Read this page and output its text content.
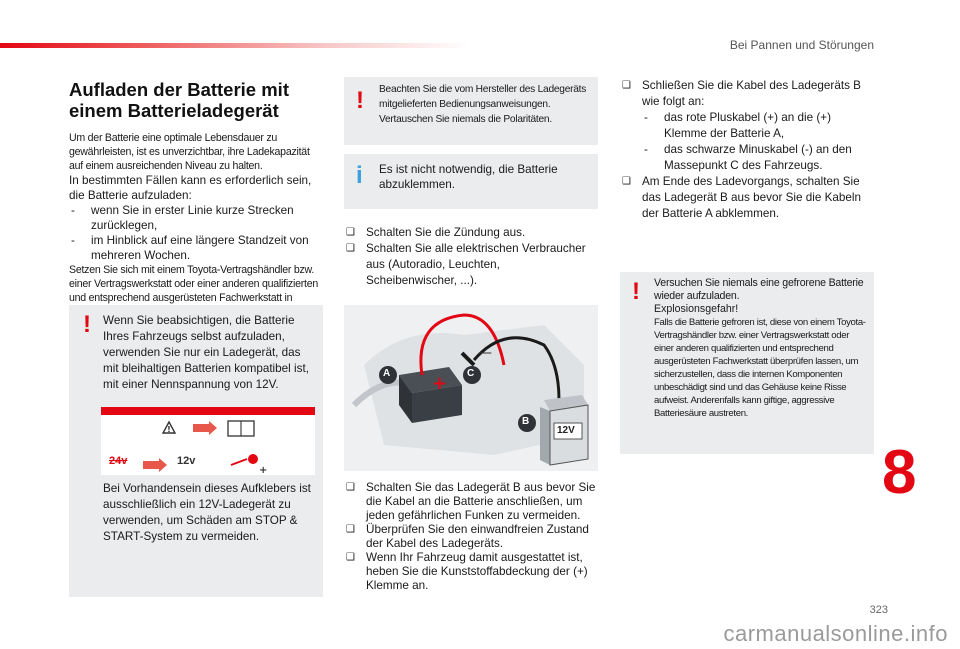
Bei Pannen und Störungen
Aufladen der Batterie mit
einem Batterieladegerät

Um der Batterie eine optimale Lebensdauer zu gewährleisten, ist es unverzichtbar, ihre Ladekapazität auf einem ausreichenden Niveau zu halten.

In bestimmten Fällen kann es erforderlich sein, die Batterie aufzuladen:

- wenn Sie in erster Linie kurze Strecken zurücklegen,
- im Hinblick auf eine längere Standzeit von mehreren Wochen.

Setzen Sie sich mit einem Toyota-Vertragshändler bzw. einer Vertragswerkstatt oder einer anderen qualifizierten und entsprechend ausgerüsteten Fachwerkstatt in

! Wenn Sie beabsichtigen, die Batterie Ihres Fahrzeugs selbst aufzuladen, verwenden Sie nur ein Ladegerät, das mit bleihaltigen Batterien kompatibel ist, mit einer Nennspannung von 12V.

!
+
24v	12v

Bei Vorhandensein dieses Aufklebers ist ausschließlich ein 12V-Ladegerät zu verwenden, um Schäden am STOP & START-System zu vermeiden.

! Beachten Sie die vom Hersteller des Ladegeräts mitgelieferten Bedienungsanweisungen. Vertauschen Sie niemals die Polaritäten.

i Es ist nicht notwendig, die Batterie abzuklemmen.

❑ Schalten Sie die Zündung aus.
❑ Schalten Sie alle elektrischen Verbraucher aus (Autoradio, Leuchten, Scheibenwischer, ...).
+
—
A	C
B
12V
❑ Schalten Sie das Ladegerät B aus bevor Sie die Kabel an die Batterie anschließen, um jeden gefährlichen Funken zu vermeiden.
❑ Überprüfen Sie den einwandfreien Zustand der Kabel des Ladegeräts.
❑ Wenn Ihr Fahrzeug damit ausgestattet ist, heben Sie die Kunststoffabdeckung der (+) Klemme an.
❑ Schließen Sie die Kabel des Ladegeräts B wie folgt an:
- das rote Pluskabel (+) an die (+) Klemme der Batterie A,
- das schwarze Minuskabel (-) an den Massepunkt C des Fahrzeugs.
❑ Am Ende des Ladevorgangs, schalten Sie das Ladegerät B aus bevor Sie die Kabeln der Batterie A abklemmen.
! Versuchen Sie niemals eine gefrorene Batterie wieder aufzuladen.

Explosionsgefahr!

Falls die Batterie gefroren ist, diese von einem Toyota-Vertragshändler bzw. einer Vertragswerkstatt oder einer anderen qualifizierten und entsprechend ausgerüsteten Fachwerkstatt überprüfen lassen, um sicherzustellen, dass die internen Komponenten unbeschädigt sind und das Gehäuse keine Risse aufweist. Anderenfalls kann giftige, aggressive Batteriesäure austreten.

8
323
carmanualsonline.info
